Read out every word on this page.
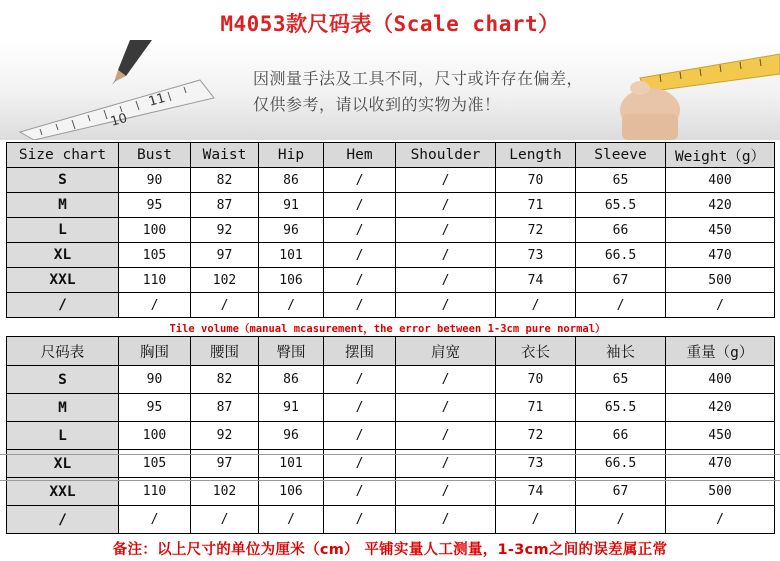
M4053款尺码表（Scale chart）
10
11
因测量手法及工具不同，尺寸或许存在偏差，
仅供参考，请以收到的实物为准！
Size chart	Bust	Waist	Hip	Hem	Shoulder	Length	Sleeve	Weight（g）
S	90	82	86	/	/	70	65	400
M	95	87	91	/	/	71	65.5	420
L	100	92	96	/	/	72	66	450
XL	105	97	101	/	/	73	66.5	470
XXL	110	102	106	/	/	74	67	500
/	/	/	/	/	/	/	/	/
Tile volume（manual mcasurement，the error between 1-3cm pure normal）
尺码表	胸围	腰围	臀围	摆围	肩宽	衣长	袖长	重量（g）
S	90	82	86	/	/	70	65	400
M	95	87	91	/	/	71	65.5	420
L	100	92	96	/	/	72	66	450
XL	105	97	101	/	/	73	66.5	470
XXL	110	102	106	/	/	74	67	500
/	/	/	/	/	/	/	/	/
备注：以上尺寸的单位为厘米（cm） 平铺实量人工测量，1-3cm之间的误差属正常
